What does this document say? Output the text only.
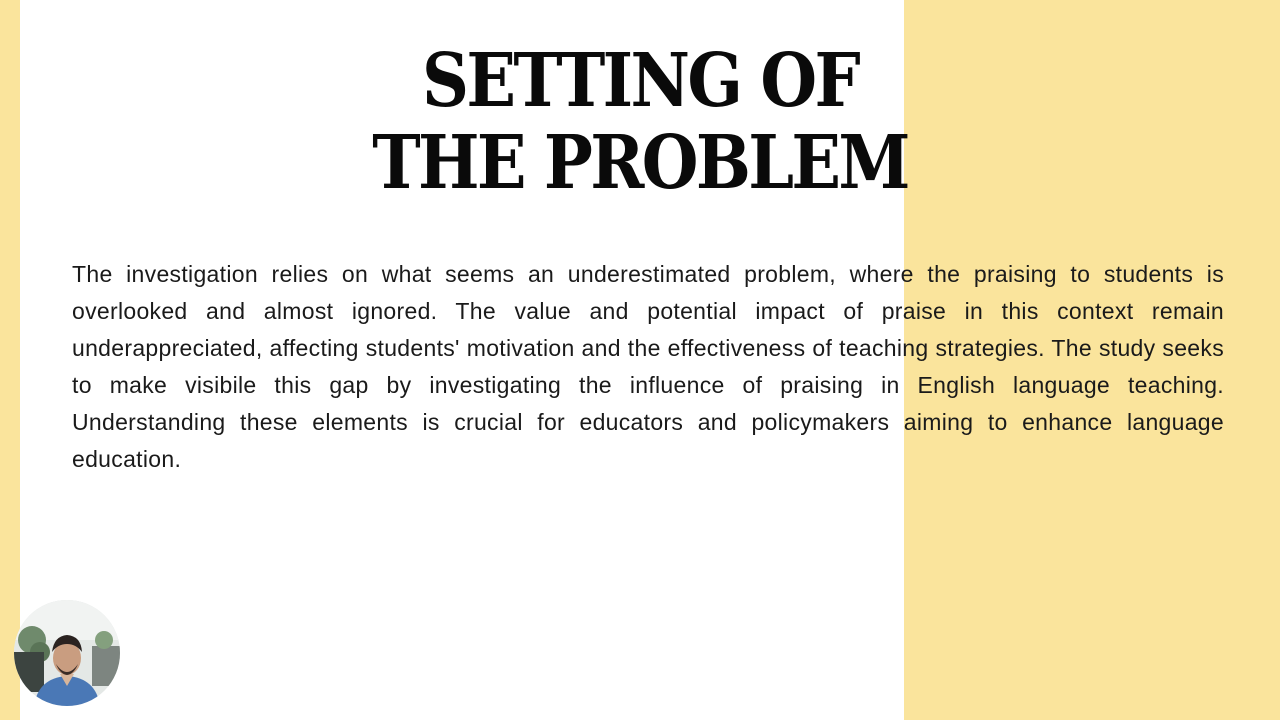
SETTING OF
THE PROBLEM

The investigation relies on what seems an underestimated problem, where the praising to students is overlooked and almost ignored. The value and potential impact of praise in this context remain underappreciated, affecting students' motivation and the effectiveness of teaching strategies. The study seeks to make visibile this gap by investigating the influence of praising in English language teaching. Understanding these elements is crucial for educators and policymakers aiming to enhance language education.
